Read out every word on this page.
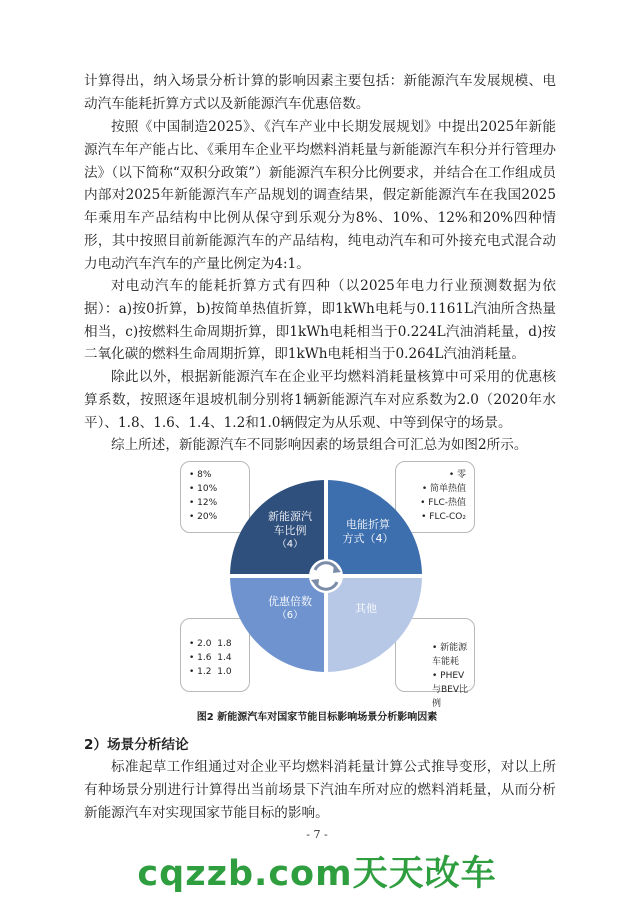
计算得出，纳入场景分析计算的影响因素主要包括：新能源汽车发展规模、电动汽车能耗折算方式以及新能源汽车优惠倍数。

按照《中国制造2025》、《汽车产业中长期发展规划》中提出2025年新能源汽车年产能占比、《乘用车企业平均燃料消耗量与新能源汽车积分并行管理办法》（以下简称“双积分政策”）新能源汽车积分比例要求，并结合在工作组成员内部对2025年新能源汽车产品规划的调查结果，假定新能源汽车在我国2025年乘用车产品结构中比例从保守到乐观分为8%、10%、12%和20%四种情形，其中按照目前新能源汽车的产品结构，纯电动汽车和可外接充电式混合动力电动汽车汽车的产量比例定为4:1。

对电动汽车的能耗折算方式有四种（以2025年电力行业预测数据为依据）：a)按0折算，b)按简单热值折算，即1kWh电耗与0.1161L汽油所含热量相当，c)按燃料生命周期折算，即1kWh电耗相当于0.224L汽油消耗量，d)按二氧化碳的燃料生命周期折算，即1kWh电耗相当于0.264L汽油消耗量。

除此以外，根据新能源汽车在企业平均燃料消耗量核算中可采用的优惠核算系数，按照逐年退坡机制分别将1辆新能源汽车对应系数为2.0（2020年水平）、1.8、1.6、1.4、1.2和1.0辆假定为从乐观、中等到保守的场景。

综上所述，新能源汽车不同影响因素的场景组合可汇总为如图2所示。

• 8%
• 10%
• 12%
• 20%
• 零
• 简单热值
• FLC-热值
• FLC-CO₂
• 2.0 1.8
• 1.6 1.4
• 1.2 1.0
• 新能源车能耗
• PHEV与BEV比例
新能源汽
车比例
（4）
电能折算
方式（4）
优惠倍数
（6）
其他
图2 新能源汽车对国家节能目标影响场景分析影响因素
2）场景分析结论

标准起草工作组通过对企业平均燃料消耗量计算公式推导变形，对以上所有种场景分别进行计算得出当前场景下汽油车所对应的燃料消耗量，从而分析新能源汽车对实现国家节能目标的影响。

- 7 -
cqzzb.com天天改车
